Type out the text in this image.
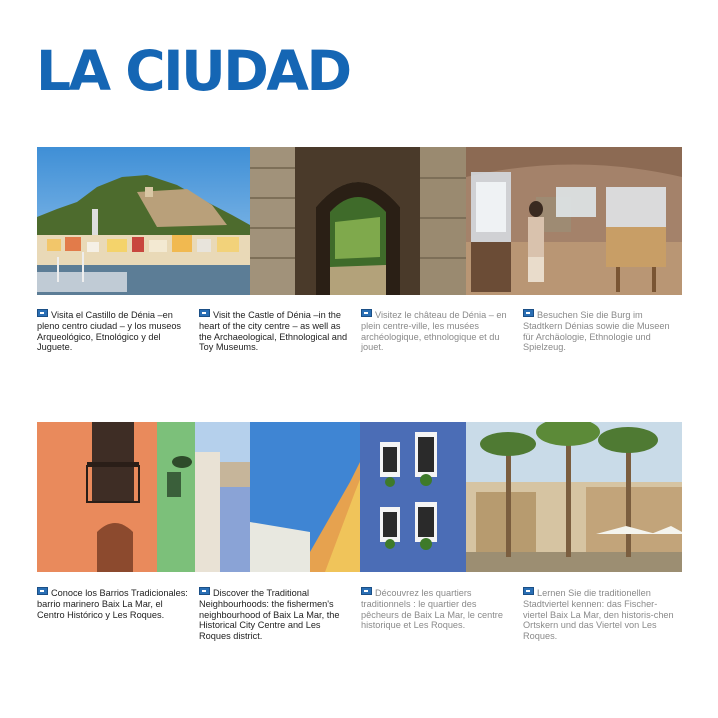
LA CIUDAD
Visita el Castillo de Dénia –en pleno centro ciudad – y los museos Arqueológico, Etnológico y del Juguete.
Visit the Castle of Dénia –in the heart of the city centre – as well as the Archaeological, Ethnological and Toy Museums.
Visitez le château de Dénia – en plein centre-ville, les musées archéologique, ethnologique et du jouet.
Besuchen Sie die Burg im Stadtkern Dénias sowie die Museen für Archäologie, Ethnologie und Spielzeug.
Conoce los Barrios Tradicionales: barrio marinero Baix La Mar, el Centro Histórico y Les Roques.
Discover the Traditional Neighbourhoods: the fishermen's neighbourhood of Baix La Mar, the Historical City Centre and Les Roques district.
Découvrez les quartiers traditionnels : le quartier des pêcheurs de Baix La Mar, le centre historique et Les Roques.
Lernen Sie die traditionellen Stadtviertel kennen: das Fischer-viertel Baix La Mar, den historis-chen Ortskern und das Viertel von Les Roques.
